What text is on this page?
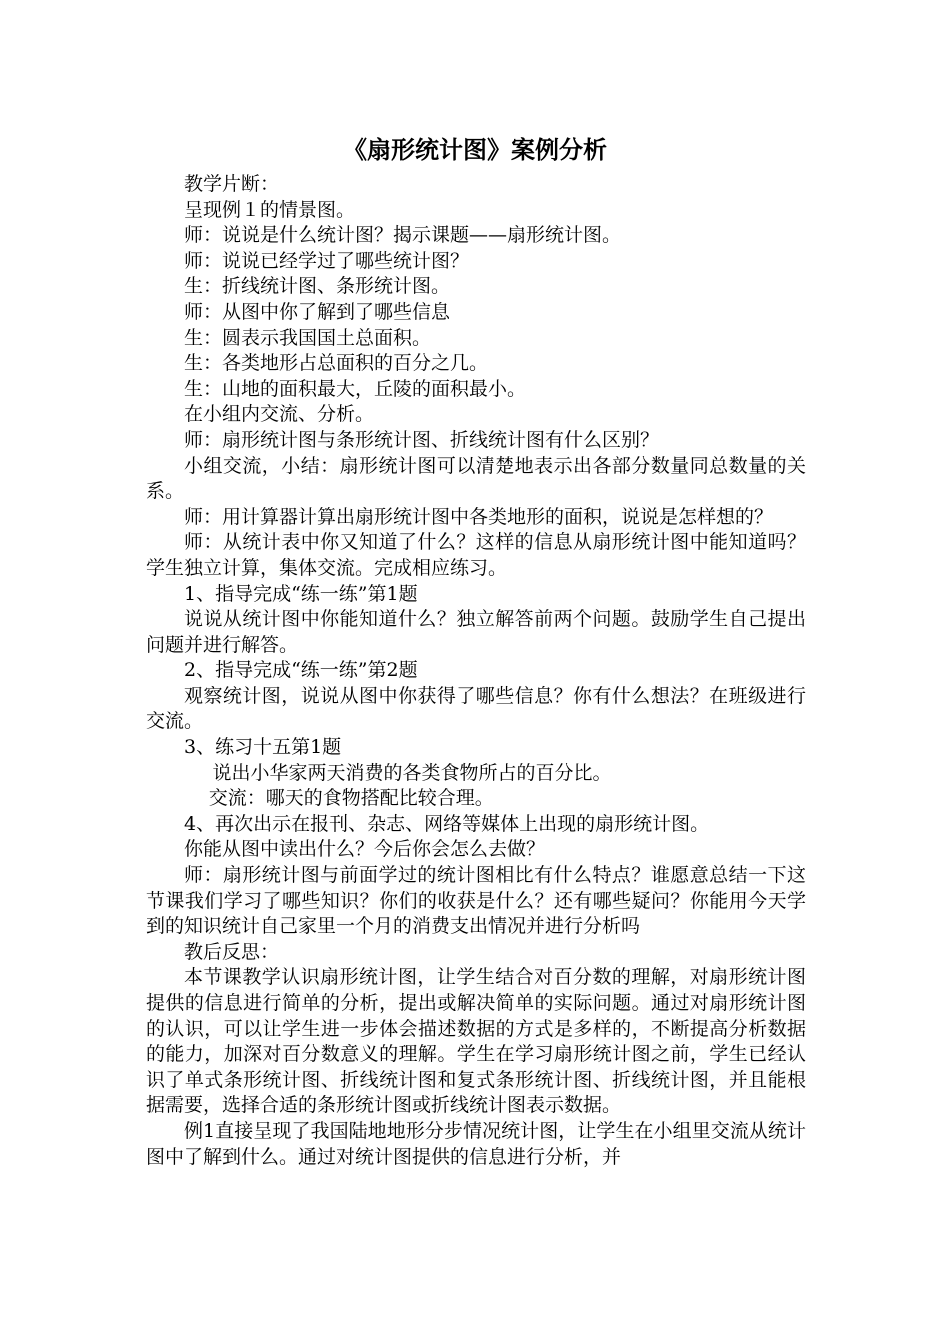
《扇形统计图》案例分析

教学片断：

呈现例１的情景图。

师：说说是什么统计图？揭示课题——扇形统计图。

师：说说已经学过了哪些统计图？

生：折线统计图、条形统计图。

师：从图中你了解到了哪些信息

生：圆表示我国国土总面积。

生：各类地形占总面积的百分之几。

生：山地的面积最大，丘陵的面积最小。

在小组内交流、分析。

师：扇形统计图与条形统计图、折线统计图有什么区别？

小组交流，小结：扇形统计图可以清楚地表示出各部分数量同总数量的关系。

师：用计算器计算出扇形统计图中各类地形的面积，说说是怎样想的？

师：从统计表中你又知道了什么？这样的信息从扇形统计图中能知道吗？学生独立计算，集体交流。完成相应练习。

1、指导完成“练一练”第1题

说说从统计图中你能知道什么？独立解答前两个问题。鼓励学生自己提出问题并进行解答。

2、指导完成“练一练”第2题

观察统计图，说说从图中你获得了哪些信息？你有什么想法？在班级进行交流。

3、练习十五第1题

说出小华家两天消费的各类食物所占的百分比。

交流：哪天的食物搭配比较合理。

4、再次出示在报刊、杂志、网络等媒体上出现的扇形统计图。

你能从图中读出什么？今后你会怎么去做？

师：扇形统计图与前面学过的统计图相比有什么特点？谁愿意总结一下这节课我们学习了哪些知识？你们的收获是什么？还有哪些疑问？你能用今天学到的知识统计自己家里一个月的消费支出情况并进行分析吗

教后反思：

本节课教学认识扇形统计图，让学生结合对百分数的理解，对扇形统计图提供的信息进行简单的分析，提出或解决简单的实际问题。通过对扇形统计图的认识，可以让学生进一步体会描述数据的方式是多样的，不断提高分析数据的能力，加深对百分数意义的理解。学生在学习扇形统计图之前，学生已经认识了单式条形统计图、折线统计图和复式条形统计图、折线统计图，并且能根据需要，选择合适的条形统计图或折线统计图表示数据。

例1直接呈现了我国陆地地形分步情况统计图，让学生在小组里交流从统计图中了解到什么。通过对统计图提供的信息进行分析，并
